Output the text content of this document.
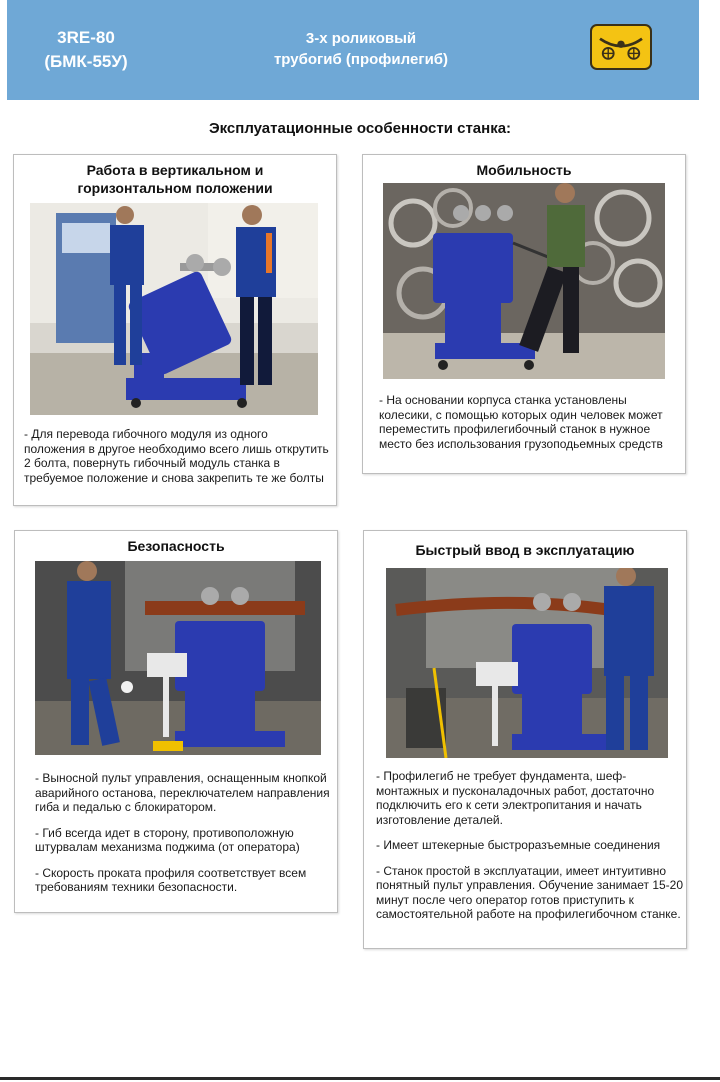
3RE-80
(БМК-55У)
3-х роликовый
трубогиб (профилегиб)
Эксплуатационные особенности станка:
Работа в вертикальном и
горизонтальном положении
- Для перевода гибочного модуля из одного положения в другое необходимо всего лишь открутить 2 болта, повернуть гибочный модуль станка в требуемое положение и снова закрепить те же болты
Мобильность
- На основании корпуса станка установлены колесики, с помощью которых один человек может переместить профилегибочный станок в нужное место без использования грузоподьемных средств
Безопасность

- Выносной пульт управления, оснащенным кнопкой аварийного останова, переключателем направления гиба и педалью с блокиратором.

- Гиб всегда идет в сторону, противоположную штурвалам механизма поджима (от оператора)

- Скорость проката профиля соответствует всем требованиям техники безопасности.

Быстрый ввод в эксплуатацию

- Профилегиб не требует фундамента, шеф-монтажных и пусконаладочных работ, достаточно подключить его к сети электропитания и начать изготовление деталей.

- Имеет штекерные быстроразъемные соединения

- Станок простой в эксплуатации, имеет интуитивно понятный пульт управления. Обучение занимает 15-20 минут после чего оператор готов приступить к самостоятельной работе на профилегибочном станке.
